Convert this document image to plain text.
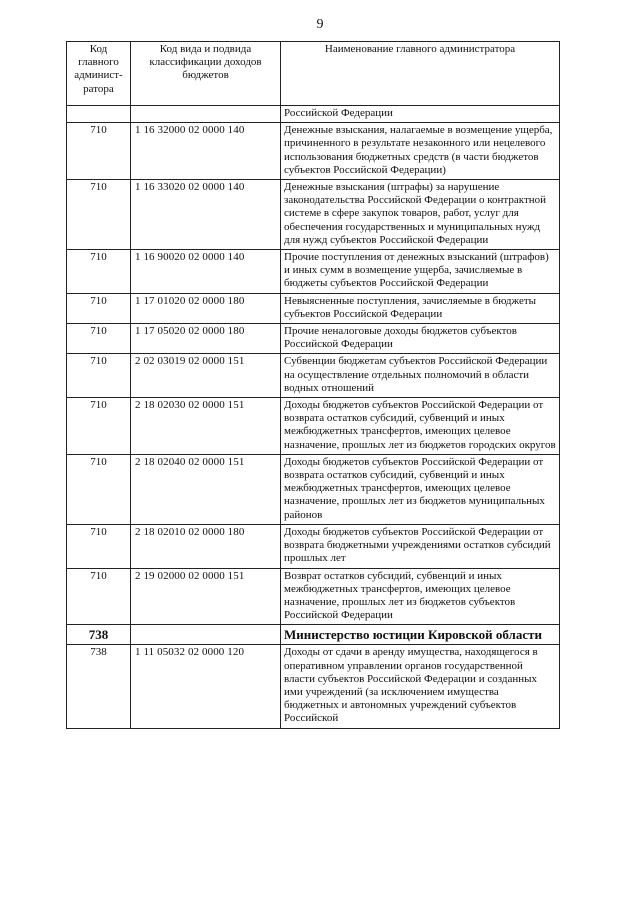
9
Код главного админист-ратора	Код вида и подвида классификации доходов бюджетов	Наименование главного администратора
		Российской Федерации
710	1 16 32000 02 0000 140	Денежные взыскания, налагаемые в возмещение ущерба, причиненного в результате незаконного или нецелевого использования бюджетных средств (в части бюджетов субъектов Российской Федерации)
710	1 16 33020 02 0000 140	Денежные взыскания (штрафы) за нарушение законодательства Российской Федерации о контрактной системе в сфере закупок товаров, работ, услуг для обеспечения государственных и муниципальных нужд для нужд субъектов Российской Федерации
710	1 16 90020 02 0000 140	Прочие поступления от денежных взысканий (штрафов) и иных сумм в возмещение ущерба, зачисляемые в бюджеты субъектов Российской Федерации
710	1 17 01020 02 0000 180	Невыясненные поступления, зачисляемые в бюджеты субъектов Российской Федерации
710	1 17 05020 02 0000 180	Прочие неналоговые доходы бюджетов субъектов Российской Федерации
710	2 02 03019 02 0000 151	Субвенции бюджетам субъектов Российской Федерации на осуществление отдельных полномочий в области водных отношений
710	2 18 02030 02 0000 151	Доходы бюджетов субъектов Российской Федерации от возврата остатков субсидий, субвенций и иных межбюджетных трансфертов, имеющих целевое назначение, прошлых лет из бюджетов городских округов
710	2 18 02040 02 0000 151	Доходы бюджетов субъектов Российской Федерации от возврата остатков субсидий, субвенций и иных межбюджетных трансфертов, имеющих целевое назначение, прошлых лет из бюджетов муниципальных районов
710	2 18 02010 02 0000 180	Доходы бюджетов субъектов Российской Федерации от возврата бюджетными учреждениями остатков субсидий прошлых лет
710	2 19 02000 02 0000 151	Возврат остатков субсидий, субвенций и иных межбюджетных трансфертов, имеющих целевое назначение, прошлых лет из бюджетов субъектов Российской Федерации
738		Министерство юстиции Кировской области
738	1 11 05032 02 0000 120	Доходы от сдачи в аренду имущества, находящегося в оперативном управлении органов государственной власти субъектов Российской Федерации и созданных ими учреждений (за исключением имущества бюджетных и автономных учреждений субъектов Российской
